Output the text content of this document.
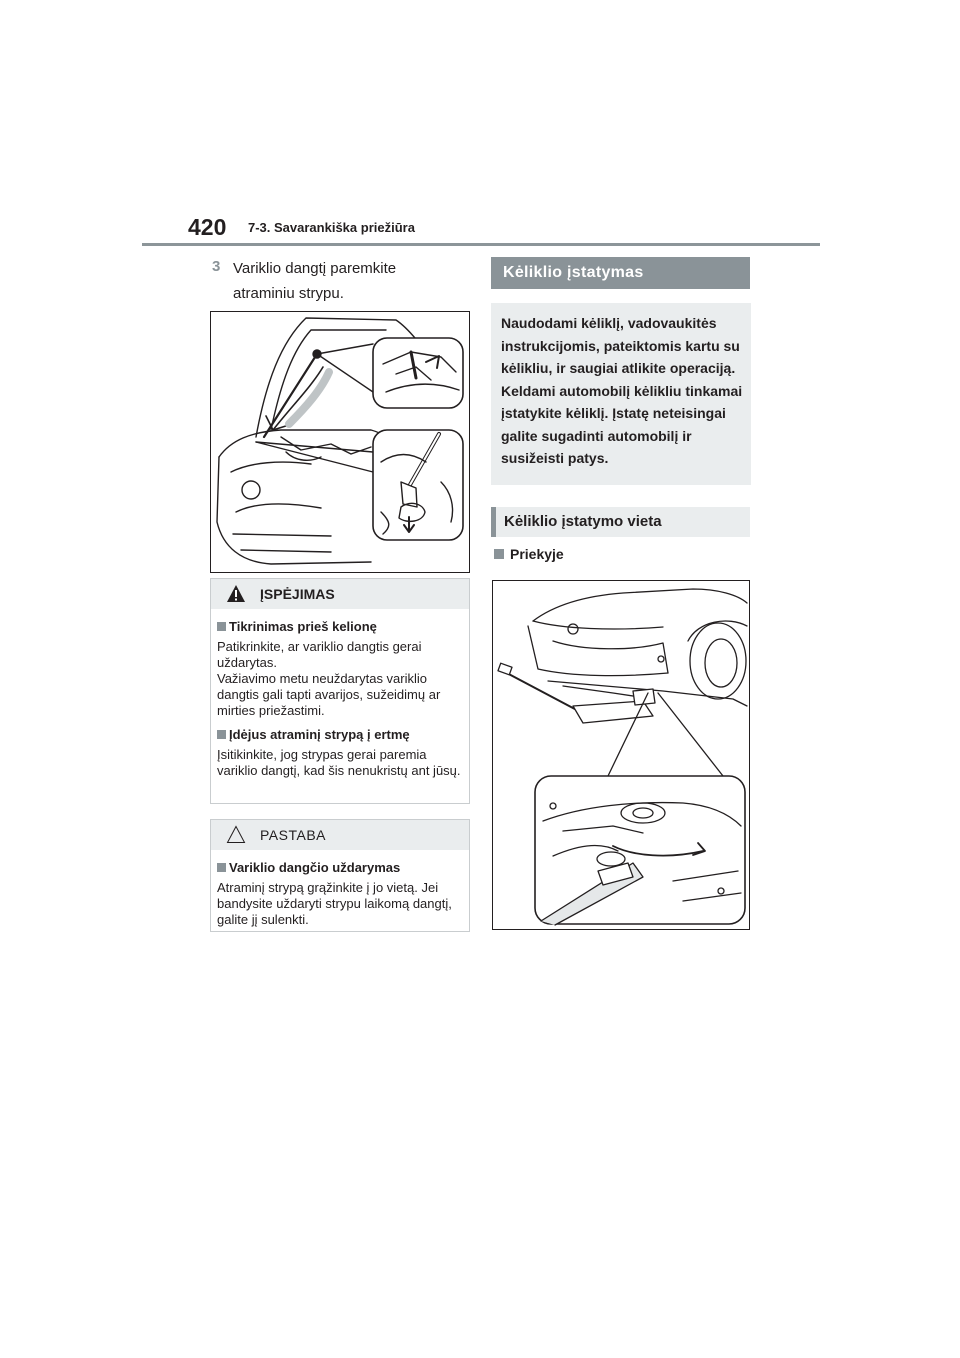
420 7-3. Savarankiška priežiūra
3 Variklio dangtį paremkite atraminiu strypu.
ĮSPĖJIMAS
Tikrinimas prieš kelionę
Patikrinkite, ar variklio dangtis gerai uždarytas.
Važiavimo metu neuždarytas variklio dangtis gali tapti avarijos, sužeidimų ar mirties priežastimi.
Įdėjus atraminį strypą į ertmę
Įsitikinkite, jog strypas gerai paremia variklio dangtį, kad šis nenukristų ant jūsų.
PASTABA
Variklio dangčio uždarymas
Atraminį strypą grąžinkite į jo vietą. Jei bandysite uždaryti strypu laikomą dangtį, galite jį sulenkti.
Kėliklio įstatymas
Naudodami kėliklį, vadovaukitės instrukcijomis, pateiktomis kartu su kėlikliu, ir saugiai atlikite operaciją. Keldami automobilį kėlikliu tinkamai įstatykite kėliklį. Įstatę neteisingai galite sugadinti automobilį ir susižeisti patys.
Kėliklio įstatymo vieta
Priekyje
